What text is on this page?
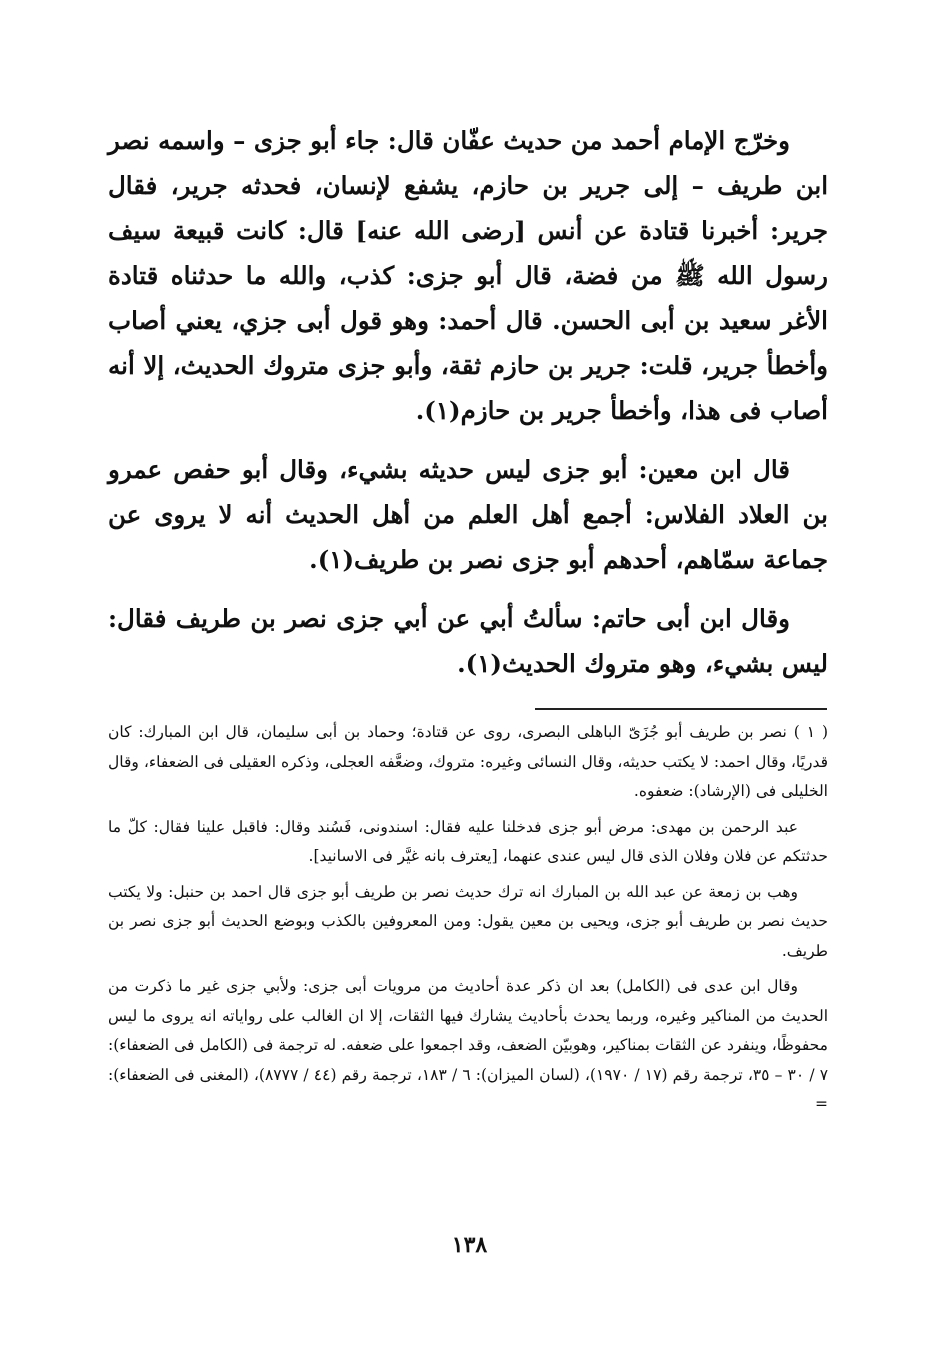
وخرّج الإمام أحمد من حديث عفّان قال: جاء أبو جزى – واسمه نصر ابن طريف – إلى جرير بن حازم، يشفع لإنسان، فحدثه جرير، فقال جرير: أخبرنا قتادة عن أنس [رضى الله عنه] قال: كانت قبيعة سيف رسول الله ﷺ من فضة، قال أبو جزى: كذب، والله ما حدثناه قتادة الأغر سعيد بن أبى الحسن. قال أحمد: وهو قول أبى جزي، يعني أصاب وأخطأ جرير، قلت: جرير بن حازم ثقة، وأبو جزى متروك الحديث، إلا أنه أصاب فى هذا، وأخطأ جرير بن حازم(١).

قال ابن معين: أبو جزى ليس حديثه بشيء، وقال أبو حفص عمرو بن العلاد الفلاس: أجمع أهل العلم من أهل الحديث أنه لا يروى عن جماعة سمّاهم، أحدهم أبو جزى نصر بن طريف(١).

وقال ابن أبى حاتم: سألتُ أبي عن أبي جزى نصر بن طريف فقال: ليس بشيء، وهو متروك الحديث(١).

( ١ ) نصر بن طريف أبو جُزَىّ الباهلى البصرى، روى عن قتادة؛ وحماد بن أبى سليمان، قال ابن المبارك: كان قدريًا، وقال احمد: لا يكتب حديثه، وقال النسائى وغيره: متروك، وضعَّفه العجلى، وذكره العقيلى فى الضعفاء، وقال الخليلى فى (الإرشاد): ضعفوه.

عبد الرحمن بن مهدى: مرض أبو جزى فدخلنا عليه فقال: اسندونى، فَسُند وقال: فاقبل علينا فقال: كلّ ما حدثتكم عن فلان وفلان الذى قال ليس عندى عنهما، [يعترف بانه غيَّر فى الاسانيد].

وهب بن زمعة عن عبد الله بن المبارك انه ترك حديث نصر بن طريف أبو جزى قال احمد بن حنبل: ولا يكتب حديث نصر بن طريف أبو جزى، ويحيى بن معين يقول: ومن المعروفين بالكذب وبوضع الحديث أبو جزى نصر بن طريف.

وقال ابن عدى فى (الكامل) بعد ان ذكر عدة أحاديث من مرويات أبى جزى: ولأبي جزى غير ما ذكرت من الحديث من المناكير وغيره، وربما يحدث بأحاديث يشارك فيها الثقات، إلا ان الغالب على رواياته انه يروى ما ليس محفوظًا، وينفرد عن الثقات بمناكير، وهوبيّن الضعف، وقد اجمعوا على ضعفه. له ترجمة فى (الكامل فى الضعفاء): ٧ / ٣٠ – ٣٥، ترجمة رقم (١٧ / ١٩٧٠)، (لسان الميزان): ٦ / ١٨٣، ترجمة رقم (٤٤ / ٨٧٧٧)، (المغنى فى الضعفاء): =

١٣٨
